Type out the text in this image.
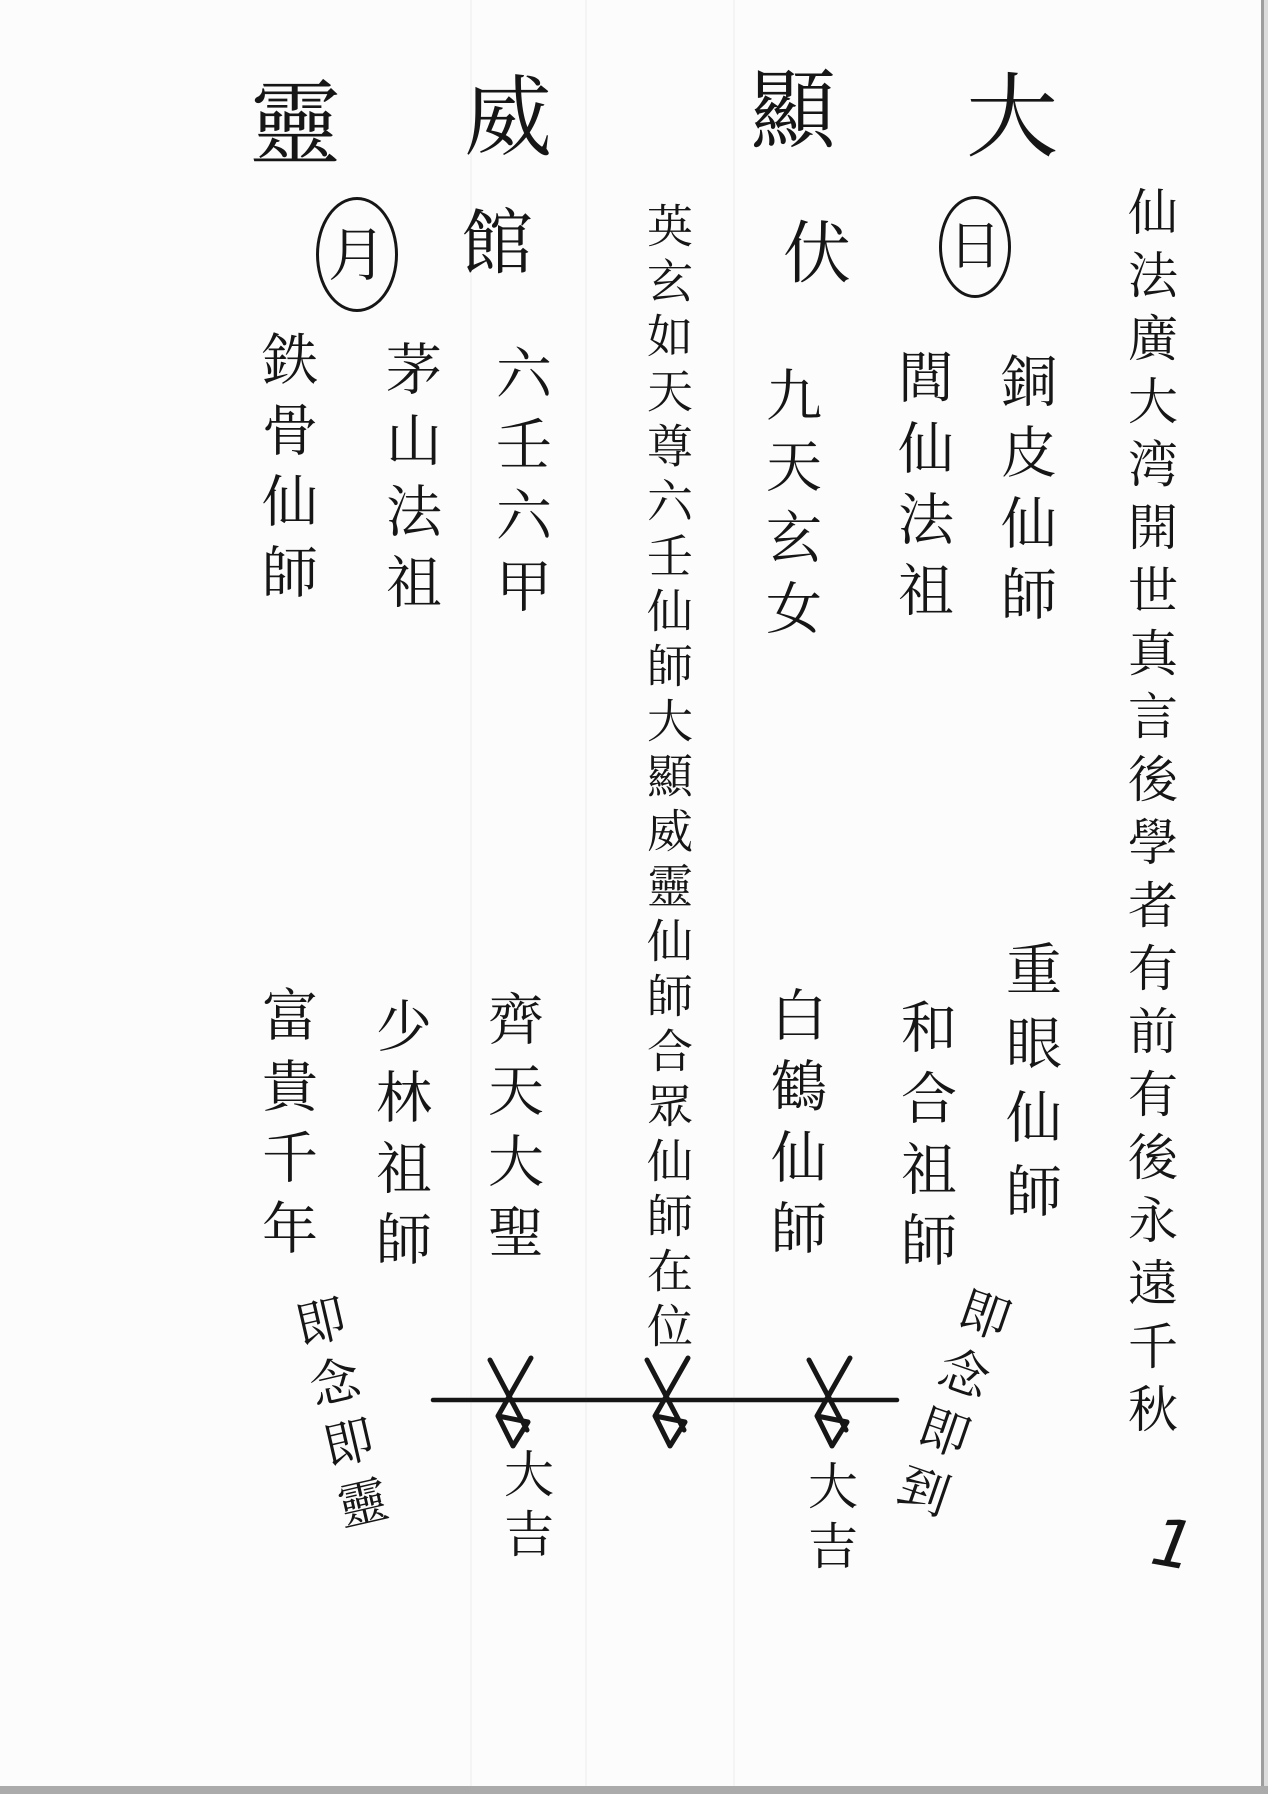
大
顯
威
靈
日
伏
館
月	仙法廣大湾開世真言後學者有前有後永遠千秋
英玄如天尊六壬仙師大顯威靈仙師合眾仙師在位	銅皮仙師
閭仙法祖
九天玄女
六壬六甲
茅山法祖
鉄骨仙師
重眼仙師
和合祖師
白鶴仙師
齊天大聖
少林祖師
富貴千年
即念即到
即念即靈 大吉	大吉	1
